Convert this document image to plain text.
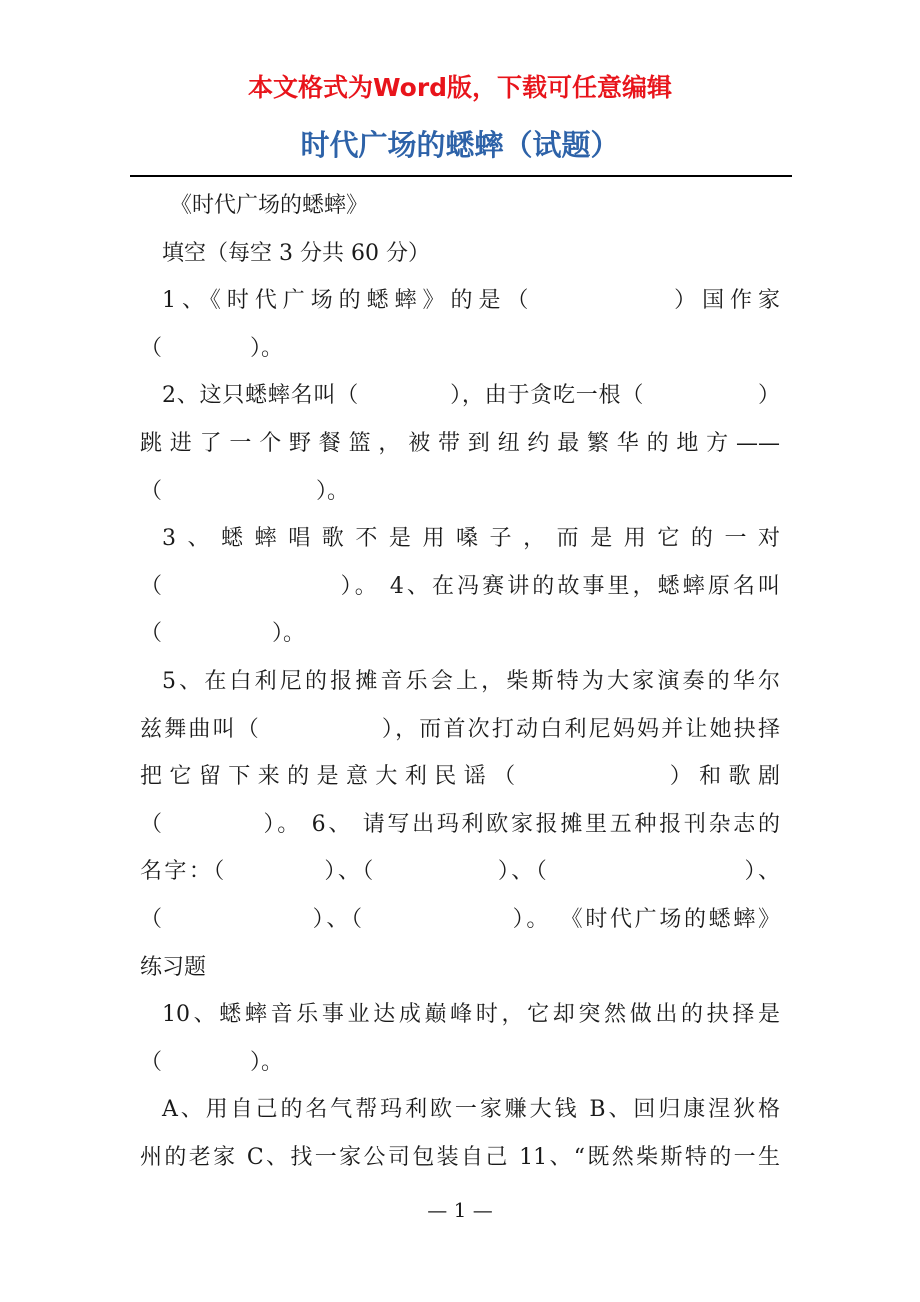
本文格式为Word版，下载可任意编辑
时代广场的蟋蟀（试题）

《时代广场的蟋蟀》

填空（每空 3 分共 60 分）

1、《时代广场的蟋蟀》的是（　　　　　）国作家

（　　　　）。

2、这只蟋蟀名叫（　　　　），由于贪吃一根（　　　　　）

跳进了一个野餐篮，被带到纽约最繁华的地方——

（　　　　　　　）。

3、蟋蟀唱歌不是用嗓子，而是用它的一对

（　　　　　　　）。 4、在冯赛讲的故事里，蟋蟀原名叫

（　　　　　）。

5、在白利尼的报摊音乐会上，柴斯特为大家演奏的华尔

兹舞曲叫（　　　　　），而首次打动白利尼妈妈并让她抉择

把它留下来的是意大利民谣（　　　　　）和歌剧

（　　　　）。 6、 请写出玛利欧家报摊里五种报刊杂志的

名字：（　　　　）、（　　　　　）、（　　　　　　　　）、

（　　　　　　）、（　　　　　　）。 《时代广场的蟋蟀》

练习题

10、蟋蟀音乐事业达成巅峰时，它却突然做出的抉择是

（　　　　）。

A、用自己的名气帮玛利欧一家赚大钱 B、回归康涅狄格

州的老家 C、找一家公司包装自己 11、“既然柴斯特的一生

— 1 —
